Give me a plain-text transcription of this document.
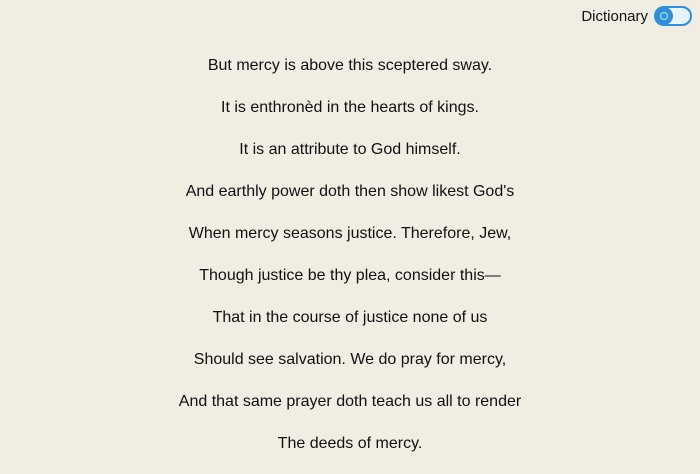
Dictionary

But mercy is above this sceptered sway.

It is enthronèd in the hearts of kings.

It is an attribute to God himself.

And earthly power doth then show likest God's

When mercy seasons justice. Therefore, Jew,

Though justice be thy plea, consider this—

That in the course of justice none of us

Should see salvation. We do pray for mercy,

And that same prayer doth teach us all to render

The deeds of mercy.
